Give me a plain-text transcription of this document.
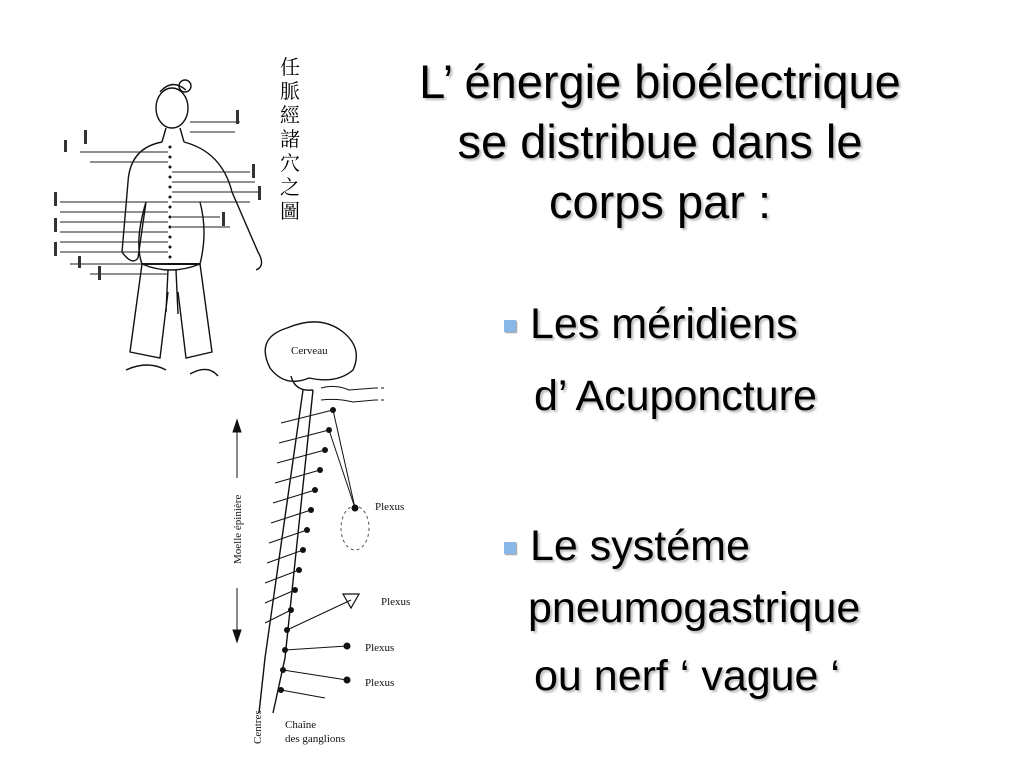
任
脈
經
諸
穴
之
圖
Cerveau
Moelle épinière
Centres
Plexus
Plexus
Plexus
Plexus
Chaîne
des ganglions
L’ énergie bioélectrique
se distribue dans le
corps par :
Les méridiens
d’ Acuponcture
Le systéme
pneumogastrique
ou nerf ‘ vague ‘
